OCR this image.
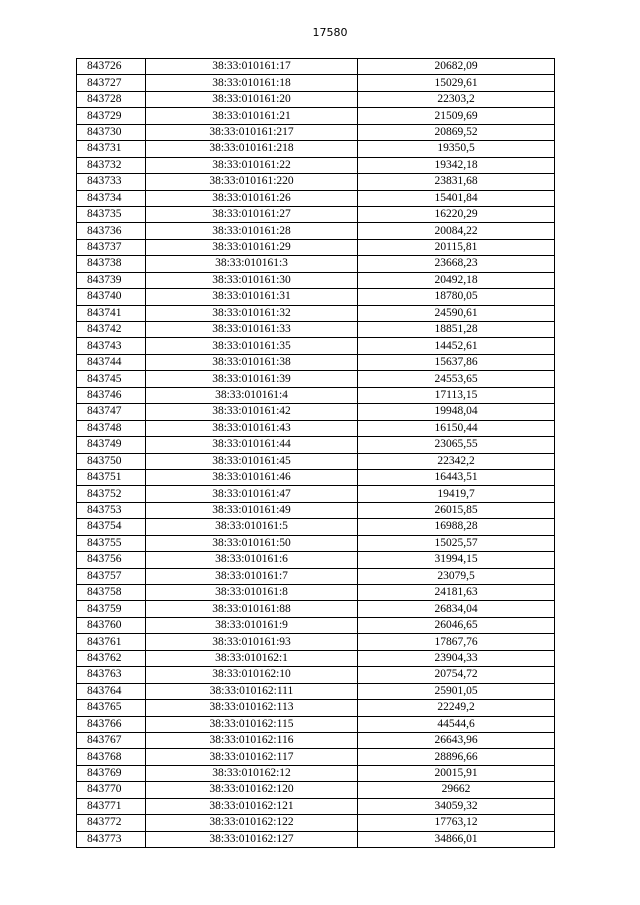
17580
843726	38:33:010161:17	20682,09
843727	38:33:010161:18	15029,61
843728	38:33:010161:20	22303,2
843729	38:33:010161:21	21509,69
843730	38:33:010161:217	20869,52
843731	38:33:010161:218	19350,5
843732	38:33:010161:22	19342,18
843733	38:33:010161:220	23831,68
843734	38:33:010161:26	15401,84
843735	38:33:010161:27	16220,29
843736	38:33:010161:28	20084,22
843737	38:33:010161:29	20115,81
843738	38:33:010161:3	23668,23
843739	38:33:010161:30	20492,18
843740	38:33:010161:31	18780,05
843741	38:33:010161:32	24590,61
843742	38:33:010161:33	18851,28
843743	38:33:010161:35	14452,61
843744	38:33:010161:38	15637,86
843745	38:33:010161:39	24553,65
843746	38:33:010161:4	17113,15
843747	38:33:010161:42	19948,04
843748	38:33:010161:43	16150,44
843749	38:33:010161:44	23065,55
843750	38:33:010161:45	22342,2
843751	38:33:010161:46	16443,51
843752	38:33:010161:47	19419,7
843753	38:33:010161:49	26015,85
843754	38:33:010161:5	16988,28
843755	38:33:010161:50	15025,57
843756	38:33:010161:6	31994,15
843757	38:33:010161:7	23079,5
843758	38:33:010161:8	24181,63
843759	38:33:010161:88	26834,04
843760	38:33:010161:9	26046,65
843761	38:33:010161:93	17867,76
843762	38:33:010162:1	23904,33
843763	38:33:010162:10	20754,72
843764	38:33:010162:111	25901,05
843765	38:33:010162:113	22249,2
843766	38:33:010162:115	44544,6
843767	38:33:010162:116	26643,96
843768	38:33:010162:117	28896,66
843769	38:33:010162:12	20015,91
843770	38:33:010162:120	29662
843771	38:33:010162:121	34059,32
843772	38:33:010162:122	17763,12
843773	38:33:010162:127	34866,01
